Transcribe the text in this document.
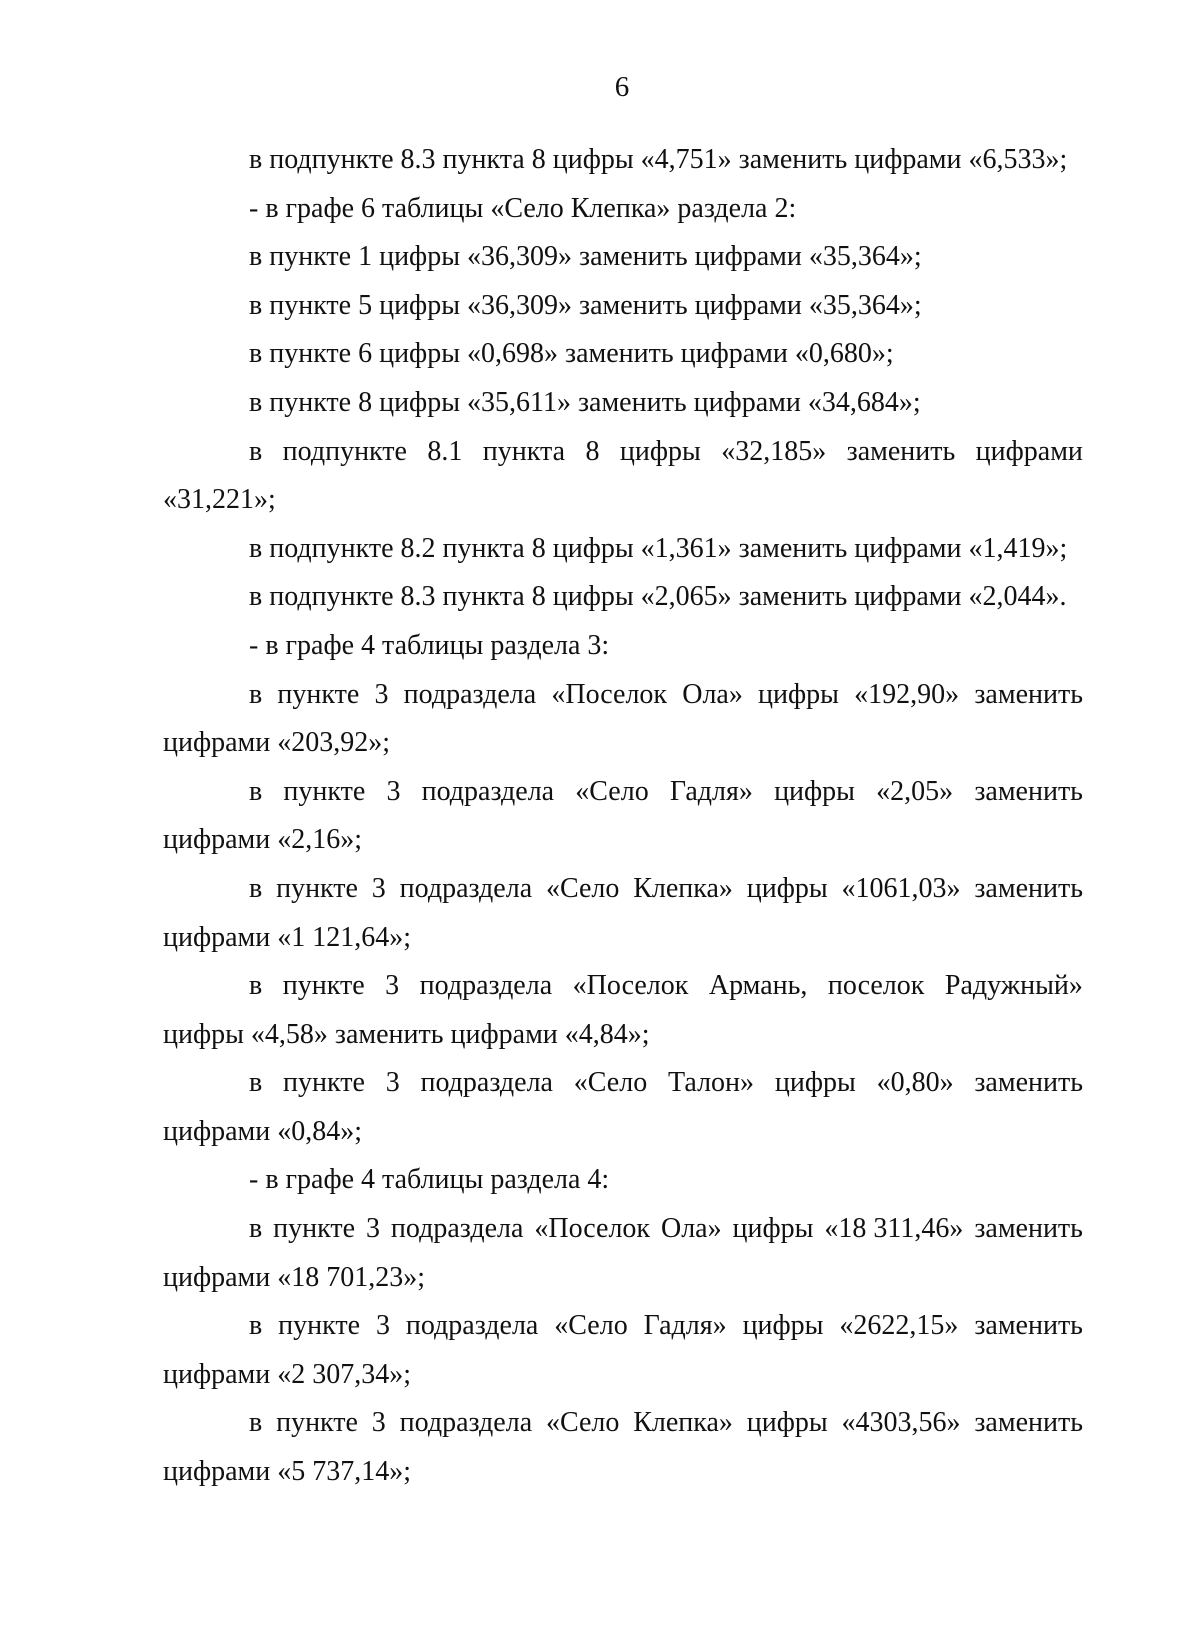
6
в подпункте 8.3 пункта 8 цифры «4,751» заменить цифрами «6,533»;
- в графе 6 таблицы «Село Клепка» раздела 2:
в пункте 1 цифры «36,309» заменить цифрами «35,364»;
в пункте 5 цифры «36,309» заменить цифрами «35,364»;
в пункте 6 цифры «0,698» заменить цифрами «0,680»;
в пункте 8 цифры «35,611» заменить цифрами «34,684»;
в подпункте 8.1 пункта 8 цифры «32,185» заменить цифрами
«31,221»;
в подпункте 8.2 пункта 8 цифры «1,361» заменить цифрами «1,419»;
в подпункте 8.3 пункта 8 цифры «2,065» заменить цифрами «2,044».
- в графе 4 таблицы раздела 3:
в пункте 3 подраздела «Поселок Ола» цифры «192,90» заменить
цифрами «203,92»;
в пункте 3 подраздела «Село Гадля» цифры «2,05» заменить
цифрами «2,16»;
в пункте 3 подраздела «Село Клепка» цифры «1061,03» заменить
цифрами «1 121,64»;
в пункте 3 подраздела «Поселок Армань, поселок Радужный»
цифры «4,58» заменить цифрами «4,84»;
в пункте 3 подраздела «Село Талон» цифры «0,80» заменить
цифрами «0,84»;
- в графе 4 таблицы раздела 4:
в пункте 3 подраздела «Поселок Ола» цифры «18 311,46» заменить
цифрами «18 701,23»;
в пункте 3 подраздела «Село Гадля» цифры «2622,15» заменить
цифрами «2 307,34»;
в пункте 3 подраздела «Село Клепка» цифры «4303,56» заменить
цифрами «5 737,14»;
